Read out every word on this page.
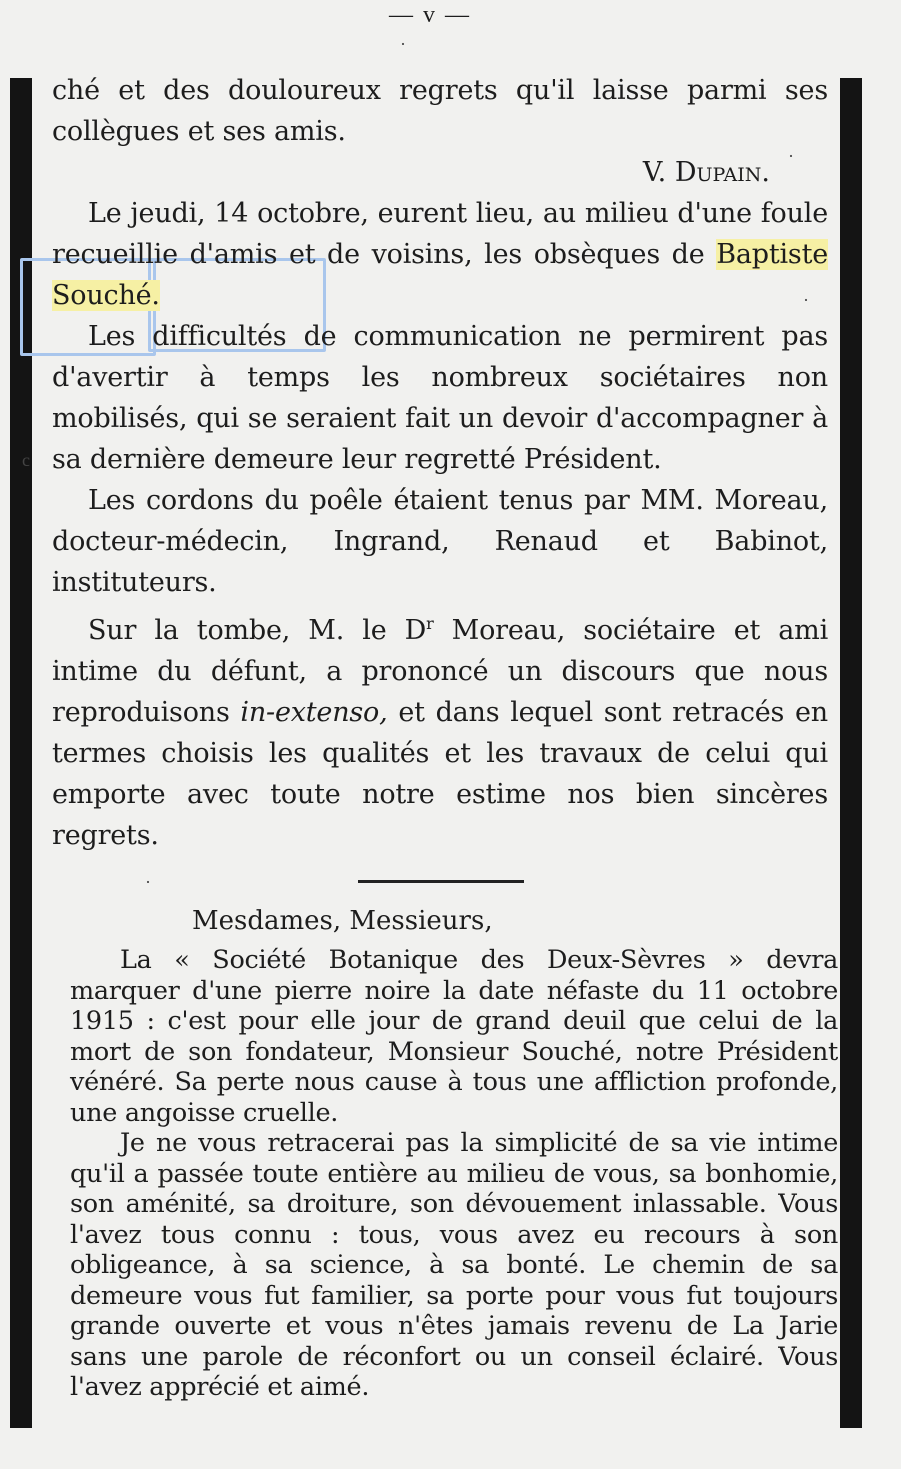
— v —
·
c
·
·
·

ché et des douloureux regrets qu'il laisse parmi ses collègues et ses amis.

V. Dupain.

Le jeudi, 14 octobre, eurent lieu, au milieu d'une foule recueillie d'amis et de voisins, les obsèques de Baptiste Souché.

Les difficultés de communication ne permirent pas d'avertir à temps les nombreux sociétaires non mobilisés, qui se seraient fait un devoir d'accompagner à sa dernière demeure leur regretté Président.

Les cordons du poêle étaient tenus par MM. Moreau, docteur-médecin, Ingrand, Renaud et Babinot, instituteurs.

Sur la tombe, M. le $D^r$ Moreau, sociétaire et ami intime du défunt, a prononcé un discours que nous reproduisons in-extenso, et dans lequel sont retracés en termes choisis les qualités et les travaux de celui qui emporte avec toute notre estime nos bien sincères regrets.

Mesdames, Messieurs,

La « Société Botanique des Deux-Sèvres » devra marquer d'une pierre noire la date néfaste du 11 octobre 1915 : c'est pour elle jour de grand deuil que celui de la mort de son fondateur, Monsieur Souché, notre Président vénéré. Sa perte nous cause à tous une affliction profonde, une angoisse cruelle.

Je ne vous retracerai pas la simplicité de sa vie intime qu'il a passée toute entière au milieu de vous, sa bonhomie, son aménité, sa droiture, son dévouement inlassable. Vous l'avez tous connu : tous, vous avez eu recours à son obligeance, à sa science, à sa bonté. Le chemin de sa demeure vous fut familier, sa porte pour vous fut toujours grande ouverte et vous n'êtes jamais revenu de La Jarie sans une parole de réconfort ou un conseil éclairé. Vous l'avez apprécié et aimé.
